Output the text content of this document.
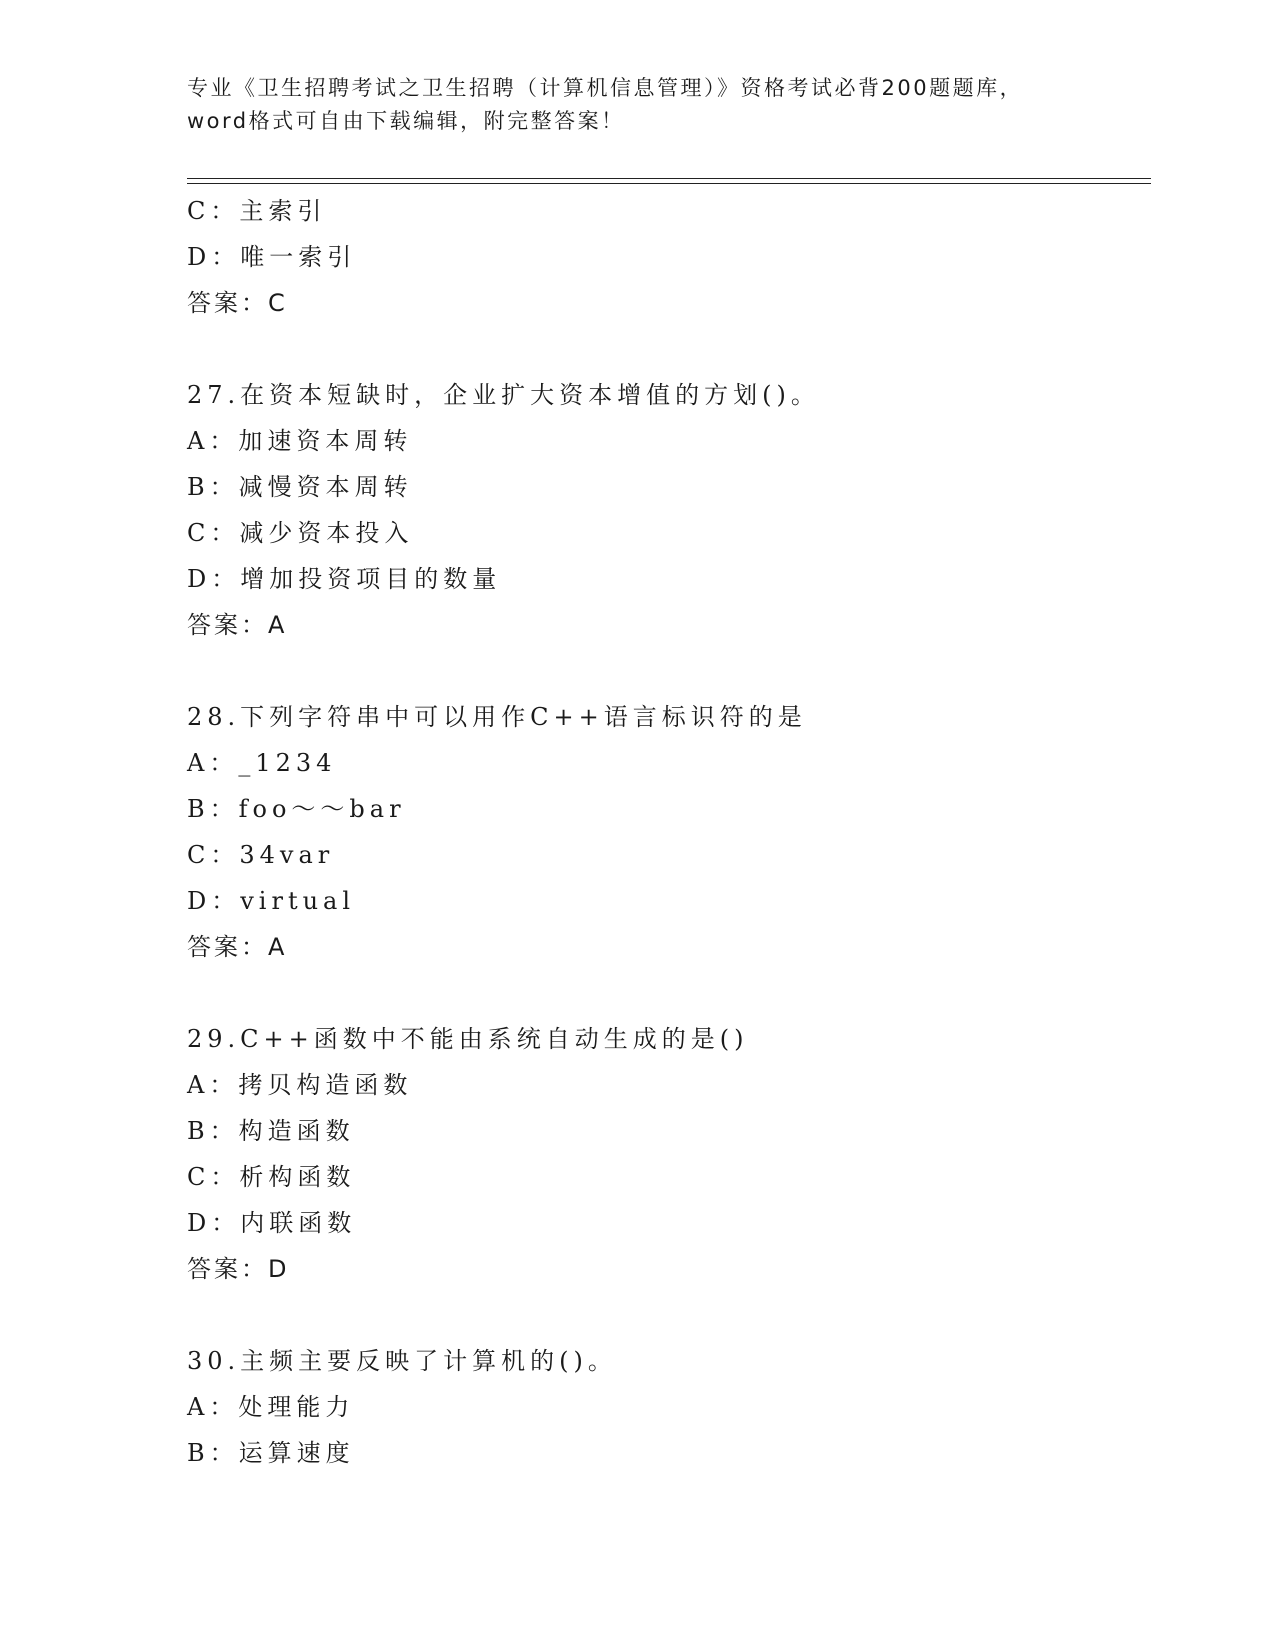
专业《卫生招聘考试之卫生招聘（计算机信息管理）》资格考试必背200题题库，
word格式可自由下载编辑，附完整答案！
C：主索引
D：唯一索引
答案：C
27.在资本短缺时，企业扩大资本增值的方划()。
A：加速资本周转
B：减慢资本周转
C：减少资本投入
D：增加投资项目的数量
答案：A
28.下列字符串中可以用作C++语言标识符的是
A：_1234
B：foo～～bar
C：34var
D：virtual
答案：A
29.C++函数中不能由系统自动生成的是()
A：拷贝构造函数
B：构造函数
C：析构函数
D：内联函数
答案：D
30.主频主要反映了计算机的()。
A：处理能力
B：运算速度
